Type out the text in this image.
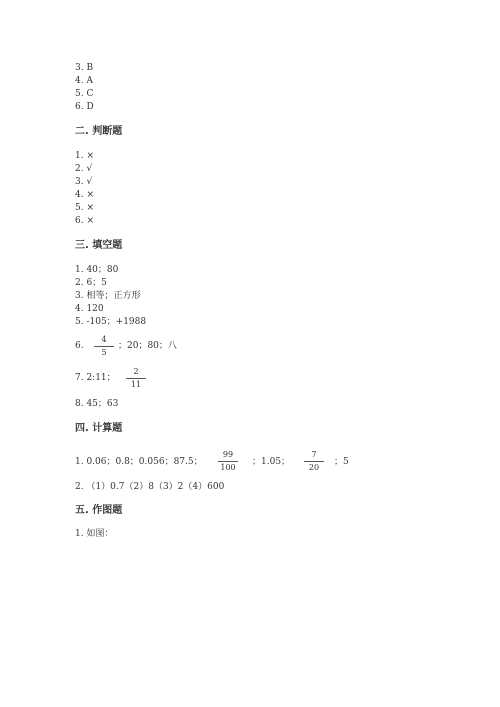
3. B
4. A
5. C
6. D
二. 判断题
1. ×
2. √
3. √
4. ×
5. ×
6. ×
三. 填空题
1. 40；80
2. 6；5
3. 相等；正方形
4. 120
5. -105；+1988
6.
4
5
；20；80；八
7. 2:11；
2
11
8. 45；63
四. 计算题
1. 0.06；0.8；0.056；87.5；
99
100
；1.05；
7
20
；5
2. （1）0.7（2）8（3）2（4）600
五. 作图题
1. 如图：
